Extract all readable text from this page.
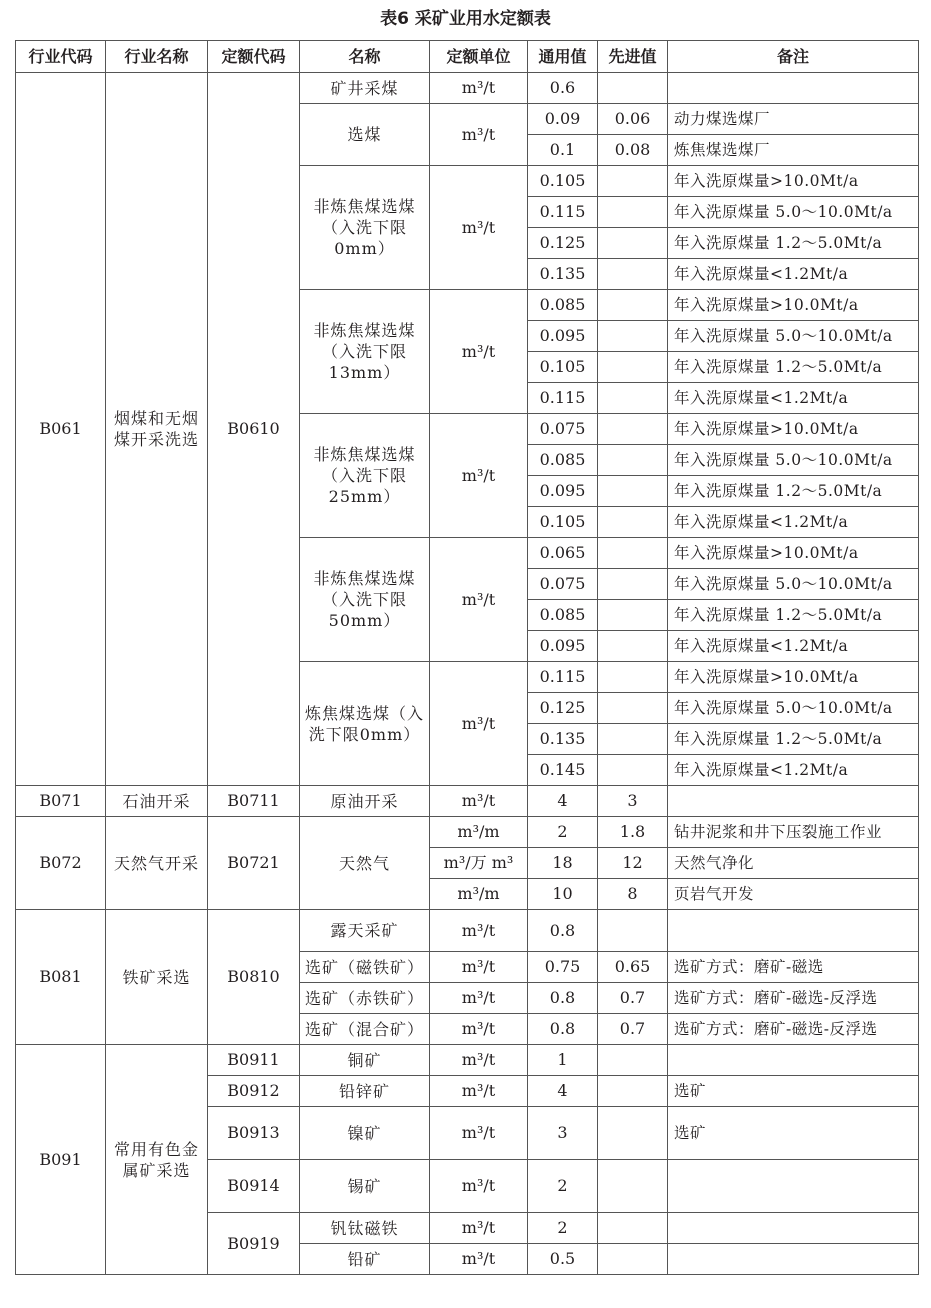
表6 采矿业用水定额表
行业代码	行业名称	定额代码	名称	定额单位	通用值	先进值	备注
B061	烟煤和无烟煤开采洗选	B0610	矿井采煤	m³/t	0.6		
			选煤	m³/t	0.09	0.06	动力煤选煤厂
					0.1	0.08	炼焦煤选煤厂
			非炼焦煤选煤（入洗下限0mm）	m³/t	0.105		年入洗原煤量>10.0Mt/a
					0.115		年入洗原煤量 5.0～10.0Mt/a
					0.125		年入洗原煤量 1.2～5.0Mt/a
					0.135		年入洗原煤量<1.2Mt/a
			非炼焦煤选煤（入洗下限13mm）	m³/t	0.085		年入洗原煤量>10.0Mt/a
					0.095		年入洗原煤量 5.0～10.0Mt/a
					0.105		年入洗原煤量 1.2～5.0Mt/a
					0.115		年入洗原煤量<1.2Mt/a
			非炼焦煤选煤（入洗下限25mm）	m³/t	0.075		年入洗原煤量>10.0Mt/a
					0.085		年入洗原煤量 5.0～10.0Mt/a
					0.095		年入洗原煤量 1.2～5.0Mt/a
					0.105		年入洗原煤量<1.2Mt/a
			非炼焦煤选煤（入洗下限50mm）	m³/t	0.065		年入洗原煤量>10.0Mt/a
					0.075		年入洗原煤量 5.0～10.0Mt/a
					0.085		年入洗原煤量 1.2～5.0Mt/a
					0.095		年入洗原煤量<1.2Mt/a
			炼焦煤选煤（入洗下限0mm）	m³/t	0.115		年入洗原煤量>10.0Mt/a
					0.125		年入洗原煤量 5.0～10.0Mt/a
					0.135		年入洗原煤量 1.2～5.0Mt/a
					0.145		年入洗原煤量<1.2Mt/a
B071	石油开采	B0711	原油开采	m³/t	4	3	
B072	天然气开采	B0721	天然气	m³/m	2	1.8	钻井泥浆和井下压裂施工作业
				m³/万 m³	18	12	天然气净化
				m³/m	10	8	页岩气开发
B081	铁矿采选	B0810	露天采矿	m³/t	0.8		
			选矿（磁铁矿）	m³/t	0.75	0.65	选矿方式：磨矿-磁选
			选矿（赤铁矿）	m³/t	0.8	0.7	选矿方式：磨矿-磁选-反浮选
			选矿（混合矿）	m³/t	0.8	0.7	选矿方式：磨矿-磁选-反浮选
B091	常用有色金属矿采选	B0911	铜矿	m³/t	1		
		B0912	铅锌矿	m³/t	4		选矿
		B0913	镍矿	m³/t	3		选矿
		B0914	锡矿	m³/t	2		
		B0919	钒钛磁铁	m³/t	2		
			铅矿	m³/t	0.5		
